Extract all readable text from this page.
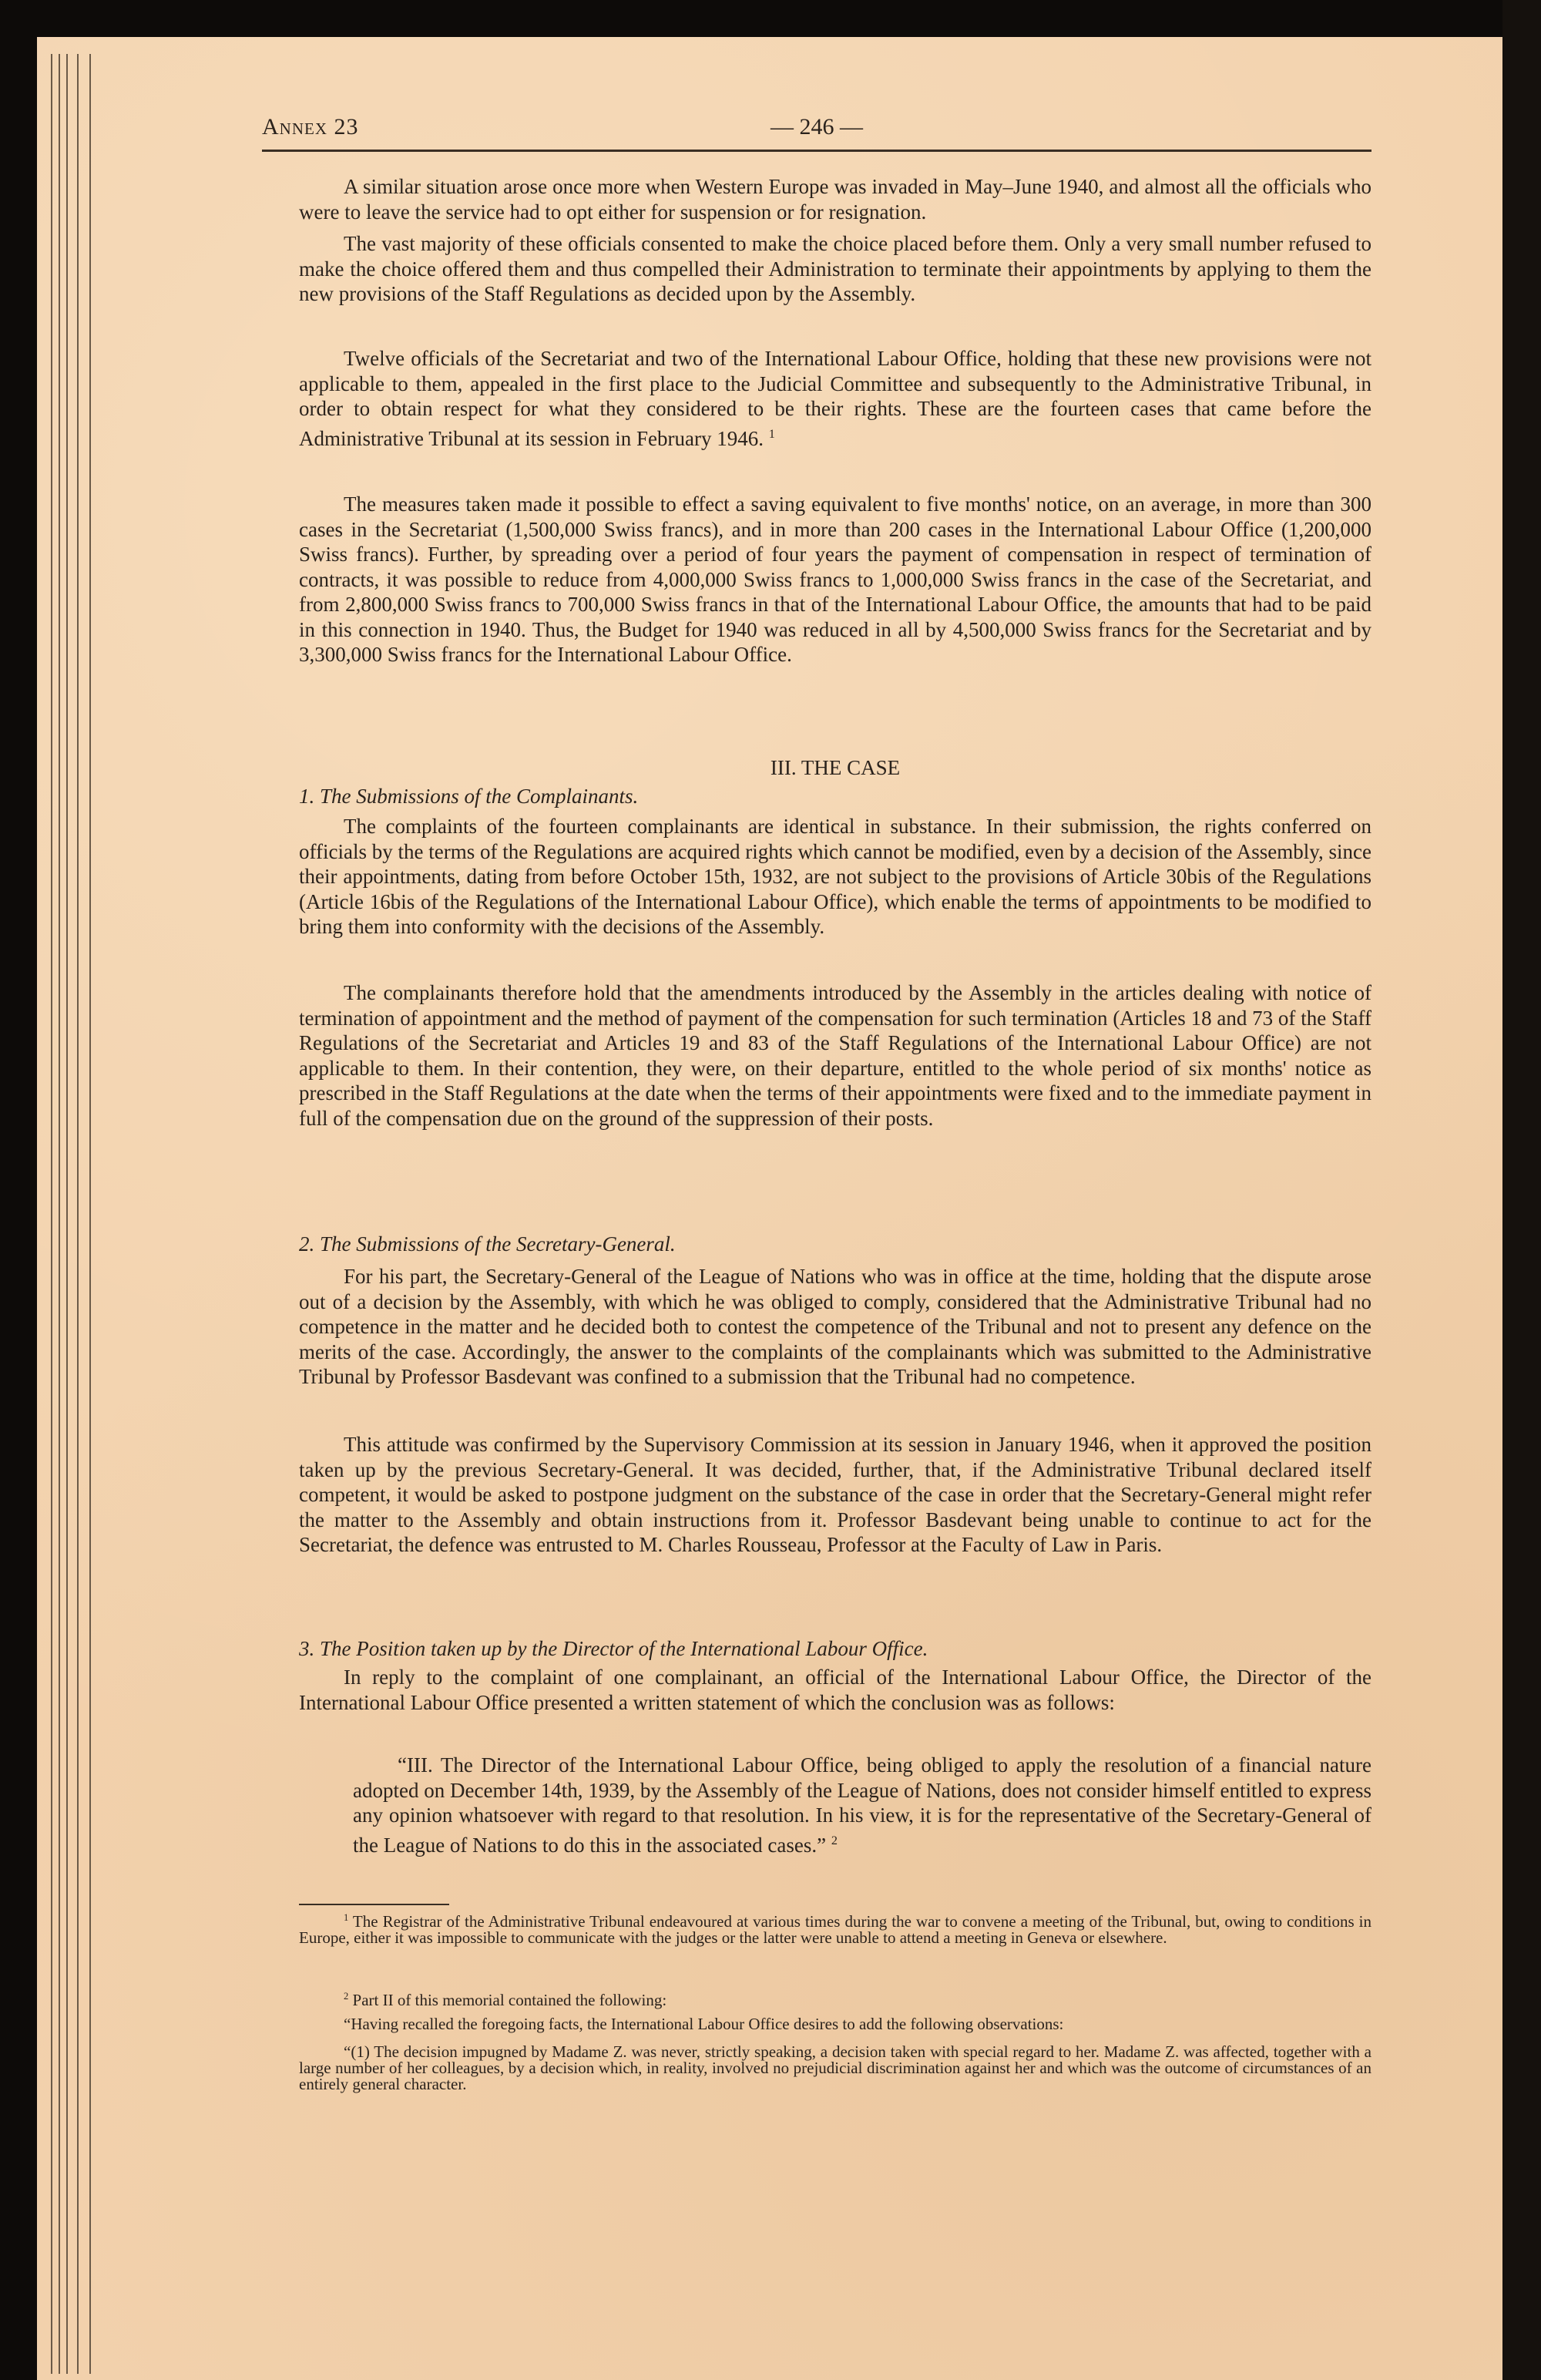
Annex 23	— 246 —

A similar situation arose once more when Western Europe was invaded in May–June 1940, and almost all the officials who were to leave the service had to opt either for suspension or for resignation.

The vast majority of these officials consented to make the choice placed before them. Only a very small number refused to make the choice offered them and thus compelled their Administration to terminate their appointments by applying to them the new provisions of the Staff Regulations as decided upon by the Assembly.

Twelve officials of the Secretariat and two of the International Labour Office, holding that these new provisions were not applicable to them, appealed in the first place to the Judicial Committee and subsequently to the Administrative Tribunal, in order to obtain respect for what they considered to be their rights. These are the fourteen cases that came before the Administrative Tribunal at its session in February 1946. $^1$

The measures taken made it possible to effect a saving equivalent to five months' notice, on an average, in more than 300 cases in the Secretariat (1,500,000 Swiss francs), and in more than 200 cases in the International Labour Office (1,200,000 Swiss francs). Further, by spreading over a period of four years the payment of compensation in respect of termination of contracts, it was possible to reduce from 4,000,000 Swiss francs to 1,000,000 Swiss francs in the case of the Secretariat, and from 2,800,000 Swiss francs to 700,000 Swiss francs in that of the International Labour Office, the amounts that had to be paid in this connection in 1940. Thus, the Budget for 1940 was reduced in all by 4,500,000 Swiss francs for the Secretariat and by 3,300,000 Swiss francs for the International Labour Office.

III. THE CASE
1. The Submissions of the Complainants.

The complaints of the fourteen complainants are identical in substance. In their submission, the rights conferred on officials by the terms of the Regulations are acquired rights which cannot be modified, even by a decision of the Assembly, since their appointments, dating from before October 15th, 1932, are not subject to the provisions of Article 30bis of the Regulations (Article 16bis of the Regulations of the International Labour Office), which enable the terms of appointments to be modified to bring them into conformity with the decisions of the Assembly.

The complainants therefore hold that the amendments introduced by the Assembly in the articles dealing with notice of termination of appointment and the method of payment of the compensation for such termination (Articles 18 and 73 of the Staff Regulations of the Secretariat and Articles 19 and 83 of the Staff Regulations of the International Labour Office) are not applicable to them. In their contention, they were, on their departure, entitled to the whole period of six months' notice as prescribed in the Staff Regulations at the date when the terms of their appointments were fixed and to the immediate payment in full of the compensation due on the ground of the suppression of their posts.

2. The Submissions of the Secretary-General.

For his part, the Secretary-General of the League of Nations who was in office at the time, holding that the dispute arose out of a decision by the Assembly, with which he was obliged to comply, considered that the Administrative Tribunal had no competence in the matter and he decided both to contest the competence of the Tribunal and not to present any defence on the merits of the case. Accordingly, the answer to the complaints of the complainants which was submitted to the Administrative Tribunal by Professor Basdevant was confined to a submission that the Tribunal had no competence.

This attitude was confirmed by the Supervisory Commission at its session in January 1946, when it approved the position taken up by the previous Secretary-General. It was decided, further, that, if the Administrative Tribunal declared itself competent, it would be asked to postpone judgment on the substance of the case in order that the Secretary-General might refer the matter to the Assembly and obtain instructions from it. Professor Basdevant being unable to continue to act for the Secretariat, the defence was entrusted to M. Charles Rousseau, Professor at the Faculty of Law in Paris.

3. The Position taken up by the Director of the International Labour Office.

In reply to the complaint of one complainant, an official of the International Labour Office, the Director of the International Labour Office presented a written statement of which the conclusion was as follows:

“III. The Director of the International Labour Office, being obliged to apply the resolution of a financial nature adopted on December 14th, 1939, by the Assembly of the League of Nations, does not consider himself entitled to express any opinion whatsoever with regard to that resolution. In his view, it is for the representative of the Secretary-General of the League of Nations to do this in the associated cases.” $^2$

$^1$ The Registrar of the Administrative Tribunal endeavoured at various times during the war to convene a meeting of the Tribunal, but, owing to conditions in Europe, either it was impossible to communicate with the judges or the latter were unable to attend a meeting in Geneva or elsewhere.

$^2$ Part II of this memorial contained the following:

“Having recalled the foregoing facts, the International Labour Office desires to add the following observations:

“(1) The decision impugned by Madame Z. was never, strictly speaking, a decision taken with special regard to her. Madame Z. was affected, together with a large number of her colleagues, by a decision which, in reality, involved no prejudicial discrimination against her and which was the outcome of circumstances of an entirely general character.
